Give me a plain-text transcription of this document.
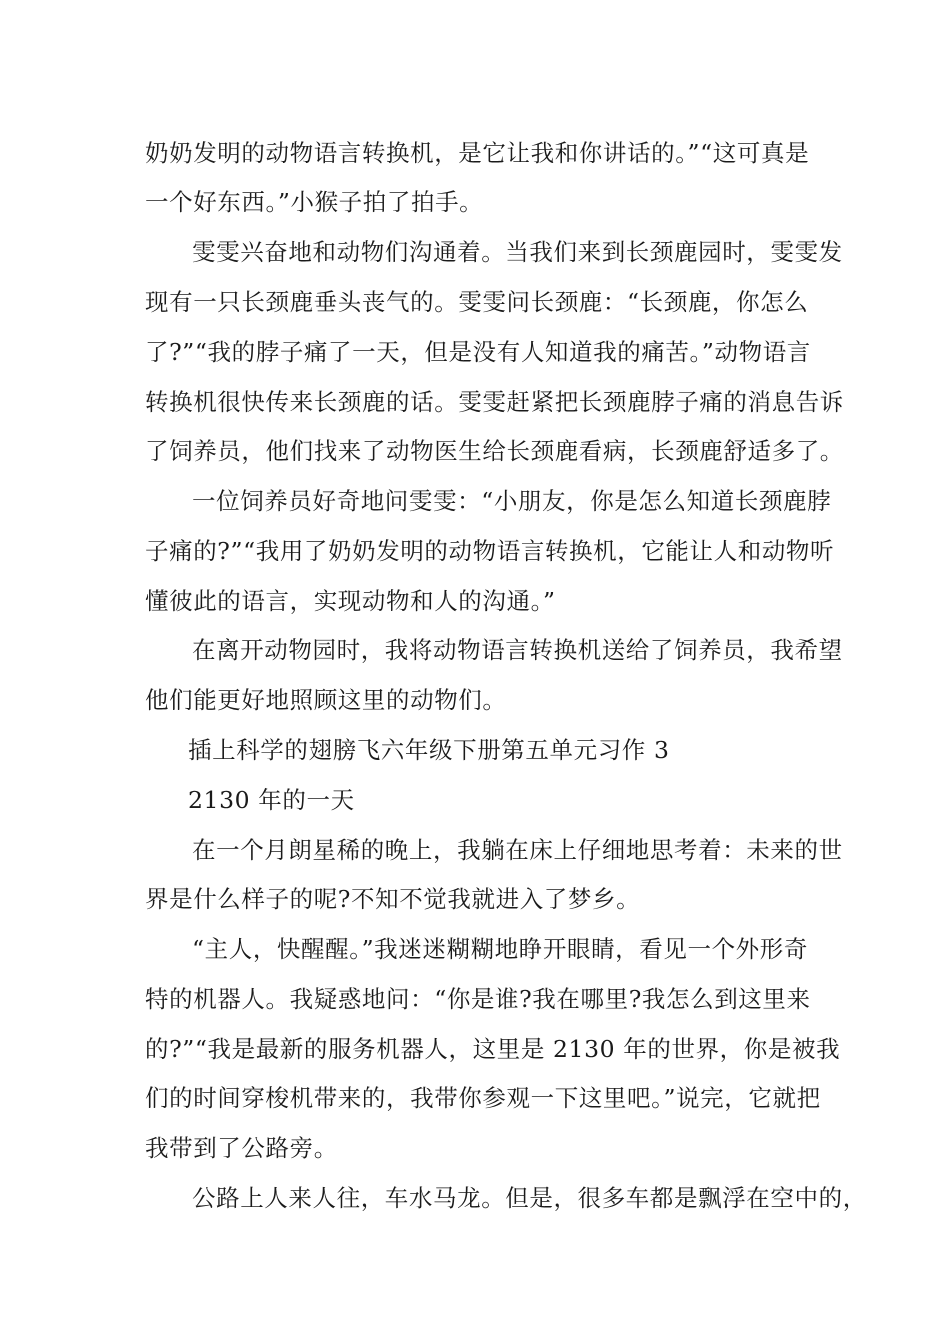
奶奶发明的动物语言转换机，是它让我和你讲话的。”“这可真是
一个好东西。”小猴子拍了拍手。
雯雯兴奋地和动物们沟通着。当我们来到长颈鹿园时，雯雯发
现有一只长颈鹿垂头丧气的。雯雯问长颈鹿：“长颈鹿，你怎么
了?”“我的脖子痛了一天，但是没有人知道我的痛苦。”动物语言
转换机很快传来长颈鹿的话。雯雯赶紧把长颈鹿脖子痛的消息告诉
了饲养员，他们找来了动物医生给长颈鹿看病，长颈鹿舒适多了。
一位饲养员好奇地问雯雯：“小朋友，你是怎么知道长颈鹿脖
子痛的?”“我用了奶奶发明的动物语言转换机，它能让人和动物听
懂彼此的语言，实现动物和人的沟通。”
在离开动物园时，我将动物语言转换机送给了饲养员，我希望
他们能更好地照顾这里的动物们。
插上科学的翅膀飞六年级下册第五单元习作 3
2130 年的一天
在一个月朗星稀的晚上，我躺在床上仔细地思考着：未来的世
界是什么样子的呢?不知不觉我就进入了梦乡。
“主人，快醒醒。”我迷迷糊糊地睁开眼睛，看见一个外形奇
特的机器人。我疑惑地问：“你是谁?我在哪里?我怎么到这里来
的?”“我是最新的服务机器人，这里是 2130 年的世界，你是被我
们的时间穿梭机带来的，我带你参观一下这里吧。”说完，它就把
我带到了公路旁。
公路上人来人往，车水马龙。但是，很多车都是飘浮在空中的，
